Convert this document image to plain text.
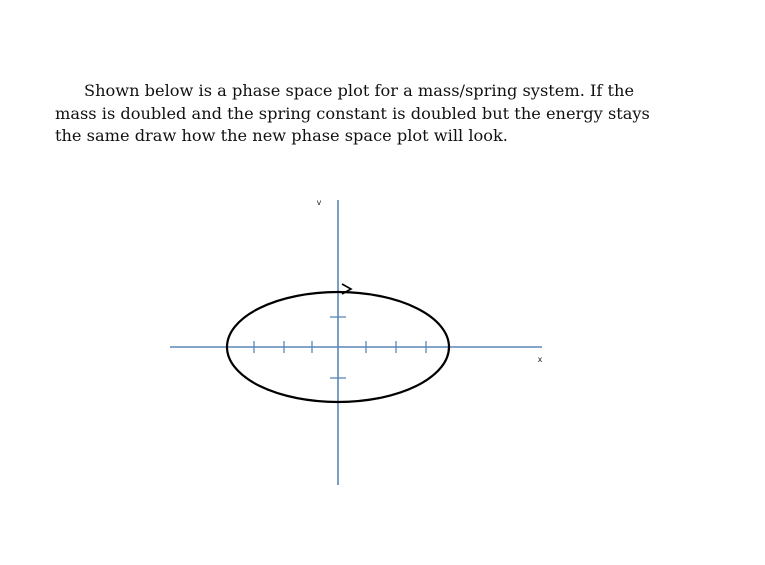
Shown below is a phase space plot for a mass/spring system. If the mass is doubled and the spring constant is doubled but the energy stays the same draw how the new phase space plot will look.

v
x
